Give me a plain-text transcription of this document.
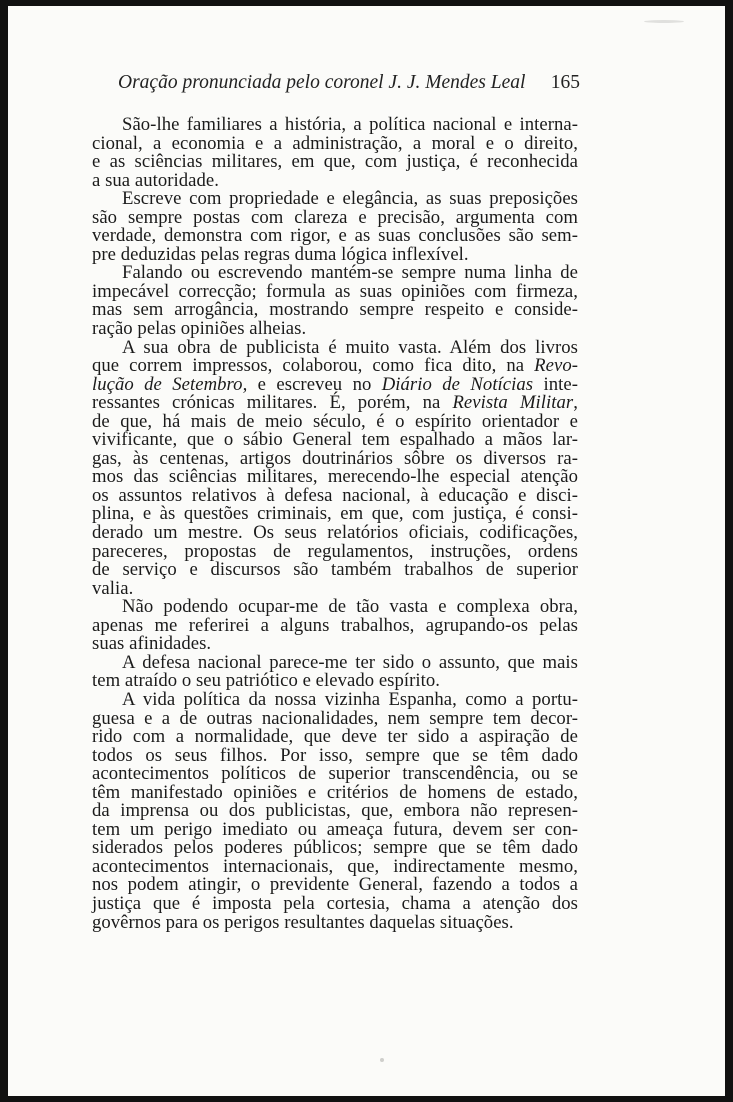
Oração pronunciada pelo coronel J. J. Mendes Leal 165
São-lhe familiares a história, a política nacional e interna-
cional, a economia e a administração, a moral e o direito,
e as sciências militares, em que, com justiça, é reconhecida
a sua autoridade.
Escreve com propriedade e elegância, as suas preposições
são sempre postas com clareza e precisão, argumenta com
verdade, demonstra com rigor, e as suas conclusões são sem-
pre deduzidas pelas regras duma lógica inflexível.
Falando ou escrevendo mantém-se sempre numa linha de
impecável correcção; formula as suas opiniões com firmeza,
mas sem arrogância, mostrando sempre respeito e conside-
ração pelas opiniões alheias.
A sua obra de publicista é muito vasta. Além dos livros
que correm impressos, colaborou, como fica dito, na Revo-
lução de Setembro, e escreveu no Diário de Notícias inte-
ressantes crónicas militares. É, porém, na Revista Militar,
de que, há mais de meio século, é o espírito orientador e
vivificante, que o sábio General tem espalhado a mãos lar-
gas, às centenas, artigos doutrinários sôbre os diversos ra-
mos das sciências militares, merecendo-lhe especial atenção
os assuntos relativos à defesa nacional, à educação e disci-
plina, e às questões criminais, em que, com justiça, é consi-
derado um mestre. Os seus relatórios oficiais, codificações,
pareceres, propostas de regulamentos, instruções, ordens
de serviço e discursos são também trabalhos de superior
valia.
Não podendo ocupar-me de tão vasta e complexa obra,
apenas me referirei a alguns trabalhos, agrupando-os pelas
suas afinidades.
A defesa nacional parece-me ter sido o assunto, que mais
tem atraído o seu patriótico e elevado espírito.
A vida política da nossa vizinha Espanha, como a portu-
guesa e a de outras nacionalidades, nem sempre tem decor-
rido com a normalidade, que deve ter sido a aspiração de
todos os seus filhos. Por isso, sempre que se têm dado
acontecimentos políticos de superior transcendência, ou se
têm manifestado opiniões e critérios de homens de estado,
da imprensa ou dos publicistas, que, embora não represen-
tem um perigo imediato ou ameaça futura, devem ser con-
siderados pelos poderes públicos; sempre que se têm dado
acontecimentos internacionais, que, indirectamente mesmo,
nos podem atingir, o previdente General, fazendo a todos a
justiça que é imposta pela cortesia, chama a atenção dos
govêrnos para os perigos resultantes daquelas situações.
